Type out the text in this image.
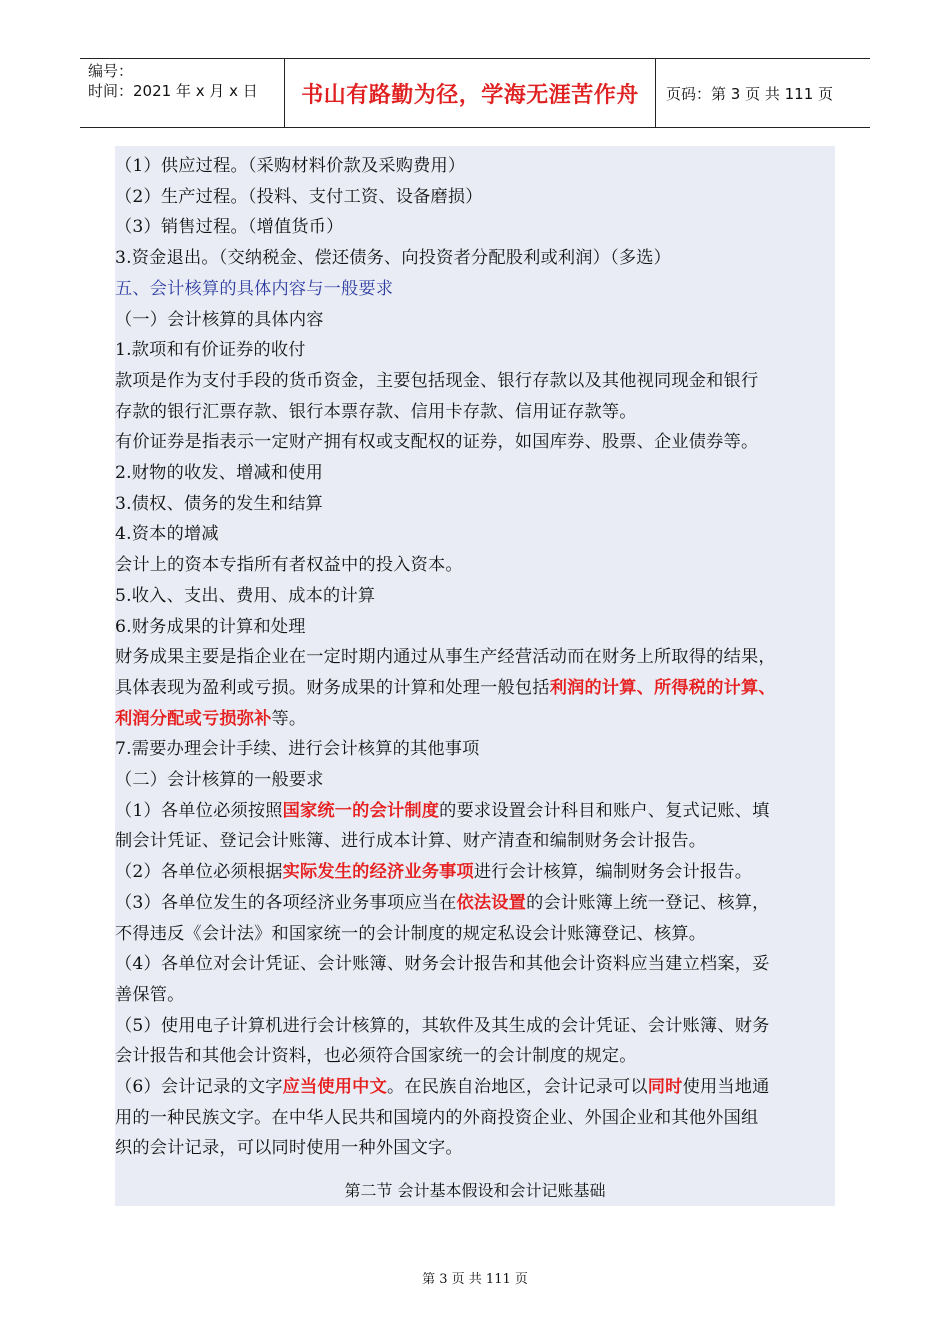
编号：
时间：2021 年 x 月 x 日	书山有路勤为径，学海无涯苦作舟	页码：第 3 页 共 111 页
第二节 会计基本假设和会计记账基础
（1）供应过程。（采购材料价款及采购费用）
（2）生产过程。（投料、支付工资、设备磨损）
（3）销售过程。（增值货币）
3.资金退出。（交纳税金、偿还债务、向投资者分配股利或利润）（多选）
五、会计核算的具体内容与一般要求
（一）会计核算的具体内容
1.款项和有价证券的收付
款项是作为支付手段的货币资金，主要包括现金、银行存款以及其他视同现金和银行
存款的银行汇票存款、银行本票存款、信用卡存款、信用证存款等。
有价证券是指表示一定财产拥有权或支配权的证券，如国库券、股票、企业债券等。
2.财物的收发、增减和使用
3.债权、债务的发生和结算
4.资本的增减
会计上的资本专指所有者权益中的投入资本。
5.收入、支出、费用、成本的计算
6.财务成果的计算和处理
财务成果主要是指企业在一定时期内通过从事生产经营活动而在财务上所取得的结果，
具体表现为盈利或亏损。财务成果的计算和处理一般包括利润的计算、所得税的计算、
利润分配或亏损弥补等。
7.需要办理会计手续、进行会计核算的其他事项
（二）会计核算的一般要求
（1）各单位必须按照国家统一的会计制度的要求设置会计科目和账户、复式记账、填
制会计凭证、登记会计账簿、进行成本计算、财产清查和编制财务会计报告。
（2）各单位必须根据实际发生的经济业务事项进行会计核算，编制财务会计报告。
（3）各单位发生的各项经济业务事项应当在依法设置的会计账簿上统一登记、核算，
不得违反《会计法》和国家统一的会计制度的规定私设会计账簿登记、核算。
（4）各单位对会计凭证、会计账簿、财务会计报告和其他会计资料应当建立档案，妥
善保管。
（5）使用电子计算机进行会计核算的，其软件及其生成的会计凭证、会计账簿、财务
会计报告和其他会计资料，也必须符合国家统一的会计制度的规定。
（6）会计记录的文字应当使用中文。在民族自治地区，会计记录可以同时使用当地通
用的一种民族文字。在中华人民共和国境内的外商投资企业、外国企业和其他外国组
织的会计记录，可以同时使用一种外国文字。
第 3 页 共 111 页
